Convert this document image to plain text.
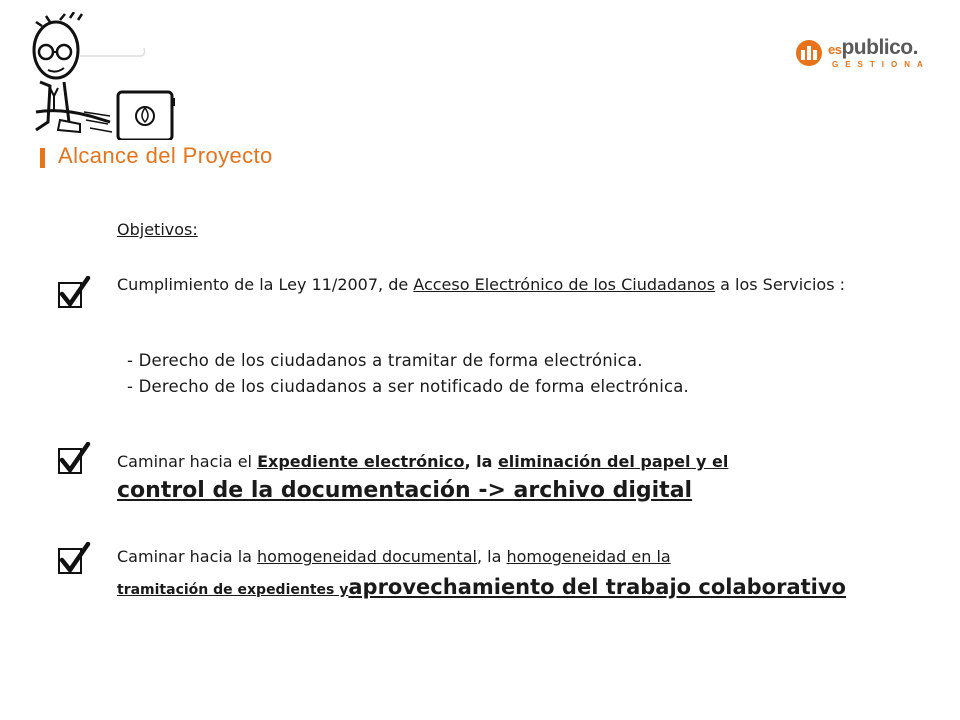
espublico.
GESTIONA
Alcance del Proyecto
Objetivos:
Cumplimiento de la Ley 11/2007, de Acceso Electrónico de los Ciudadanos a los Servicios :
- Derecho de los ciudadanos a tramitar de forma electrónica.
- Derecho de los ciudadanos a ser notificado de forma electrónica.
Caminar hacia el Expediente electrónico, la eliminación del papel y el
control de la documentación -> archivo digital
Caminar hacia la homogeneidad documental, la homogeneidad en la
tramitación de expedientes yaprovechamiento del trabajo colaborativo
